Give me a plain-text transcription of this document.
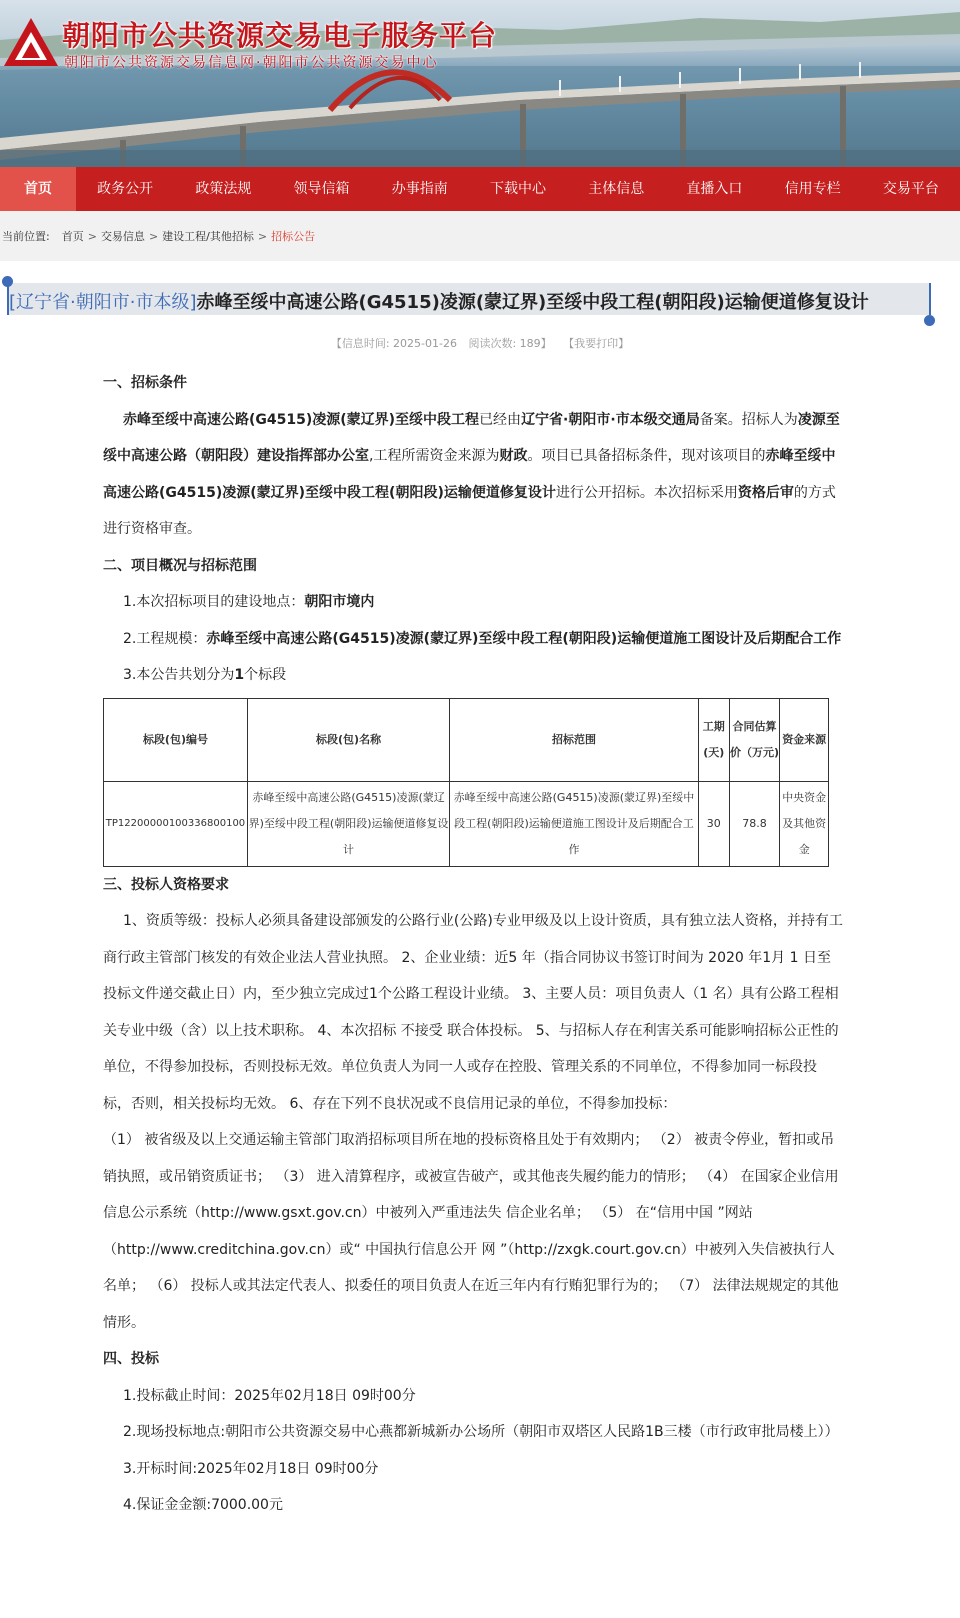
朝阳市公共资源交易电子服务平台
朝阳市公共资源交易信息网·朝阳市公共资源交易中心
首页	政务公开	政策法规	领导信箱	办事指南	下载中心	主体信息	直播入口	信用专栏	交易平台
当前位置: 首页 > 交易信息 > 建设工程/其他招标 > 招标公告
[辽宁省·朝阳市·市本级]赤峰至绥中高速公路(G4515)凌源(蒙辽界)至绥中段工程(朝阳段)运输便道修复设计
【信息时间: 2025-01-26 阅读次数: 189】 【我要打印】

一、招标条件

赤峰至绥中高速公路(G4515)凌源(蒙辽界)至绥中段工程已经由辽宁省·朝阳市·市本级交通局备案。招标人为凌源至绥中高速公路（朝阳段）建设指挥部办公室,工程所需资金来源为财政。项目已具备招标条件，现对该项目的赤峰至绥中高速公路(G4515)凌源(蒙辽界)至绥中段工程(朝阳段)运输便道修复设计进行公开招标。本次招标采用资格后审的方式进行资格审查。

二、项目概况与招标范围

1.本次招标项目的建设地点：朝阳市境内

2.工程规模：赤峰至绥中高速公路(G4515)凌源(蒙辽界)至绥中段工程(朝阳段)运输便道施工图设计及后期配合工作

3.本公告共划分为1个标段

标段(包)编号	标段(包)名称	招标范围	工期(天)	合同估算价（万元)	资金来源
TP12200000100336800100	赤峰至绥中高速公路(G4515)凌源(蒙辽界)至绥中段工程(朝阳段)运输便道修复设计	赤峰至绥中高速公路(G4515)凌源(蒙辽界)至绥中段工程(朝阳段)运输便道施工图设计及后期配合工作	30	78.8	中央资金及其他资金

三、投标人资格要求

1、资质等级：投标人必须具备建设部颁发的公路行业(公路)专业甲级及以上设计资质，具有独立法人资格，并持有工商行政主管部门核发的有效企业法人营业执照。 2、企业业绩：近5 年（指合同协议书签订时间为 2020 年1月 1 日至投标文件递交截止日）内，至少独立完成过1个公路工程设计业绩。 3、主要人员：项目负责人（1 名）具有公路工程相关专业中级（含）以上技术职称。 4、本次招标 不接受 联合体投标。 5、与招标人存在利害关系可能影响招标公正性的单位，不得参加投标，否则投标无效。单位负责人为同一人或存在控股、管理关系的不同单位，不得参加同一标段投标，否则，相关投标均无效。 6、存在下列不良状况或不良信用记录的单位，不得参加投标：

（1） 被省级及以上交通运输主管部门取消招标项目所在地的投标资格且处于有效期内； （2） 被责令停业，暂扣或吊销执照，或吊销资质证书； （3） 进入清算程序，或被宣告破产，或其他丧失履约能力的情形； （4） 在国家企业信用信息公示系统（http://www.gsxt.gov.cn）中被列入严重违法失 信企业名单； （5） 在“信用中国 ”网站（http://www.creditchina.gov.cn）或“ 中国执行信息公开 网 ”（http://zxgk.court.gov.cn）中被列入失信被执行人名单； （6） 投标人或其法定代表人、拟委任的项目负责人在近三年内有行贿犯罪行为的； （7） 法律法规规定的其他情形。

四、投标

1.投标截止时间：2025年02月18日 09时00分

2.现场投标地点:朝阳市公共资源交易中心燕都新城新办公场所（朝阳市双塔区人民路1B三楼（市行政审批局楼上））

3.开标时间:2025年02月18日 09时00分

4.保证金金额:7000.00元
